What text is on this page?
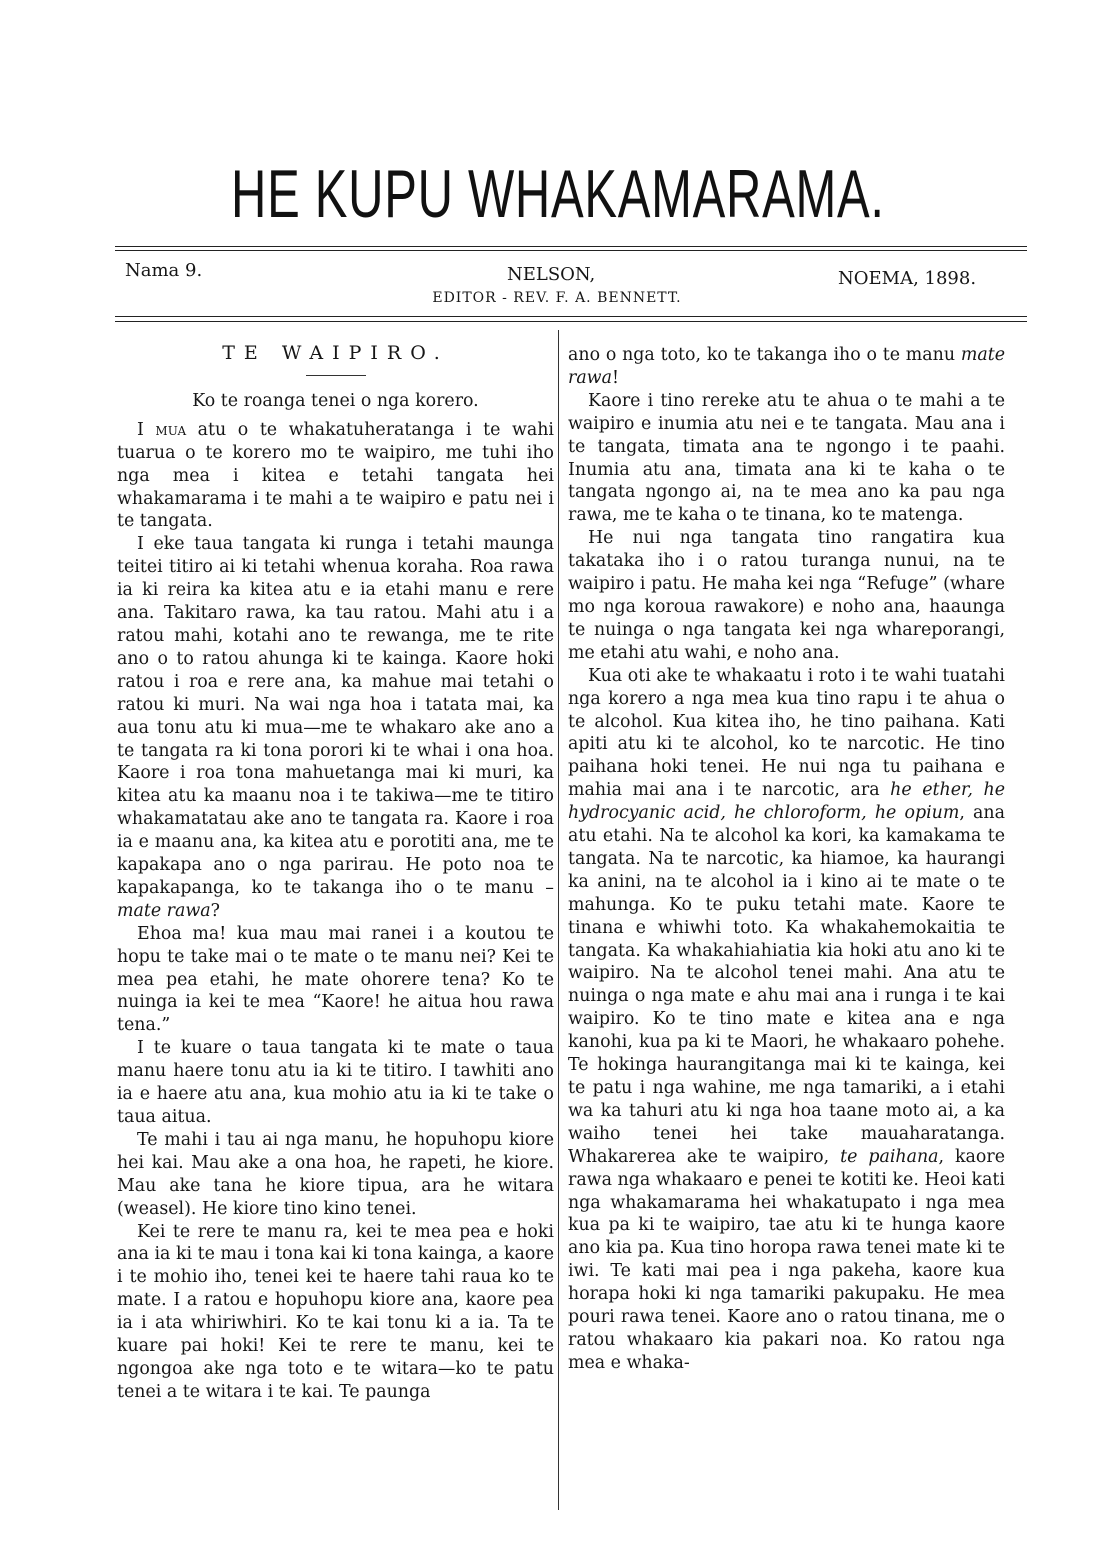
HE KUPU WHAKAMARAMA.
Nama 9.	NELSON,	NOEMA, 1898.
EDITOR - REV. F. A. BENNETT.

TE WAIPIRO.

Ko te roanga tenei o nga korero.

I mua atu o te whakatuheratanga i te wahi tuarua o te korero mo te waipiro, me tuhi iho nga mea i kitea e tetahi tangata hei whakamarama i te mahi a te waipiro e patu nei i te tangata.

I eke taua tangata ki runga i tetahi maunga teitei titiro ai ki tetahi whenua koraha. Roa rawa ia ki reira ka kitea atu e ia etahi manu e rere ana. Takitaro rawa, ka tau ratou. Mahi atu i a ratou mahi, kotahi ano te rewanga, me te rite ano o to ratou ahunga ki te kainga. Kaore hoki ratou i roa e rere ana, ka mahue mai tetahi o ratou ki muri. Na wai nga hoa i tatata mai, ka aua tonu atu ki mua—me te whakaro ake ano a te tangata ra ki tona porori ki te whai i ona hoa. Kaore i roa tona mahuetanga mai ki muri, ka kitea atu ka maanu noa i te takiwa—me te titiro whakamatatau ake ano te tangata ra. Kaore i roa ia e maanu ana, ka kitea atu e porotiti ana, me te kapakapa ano o nga parirau. He poto noa te kapakapanga, ko te takanga iho o te manu – mate rawa?

Ehoa ma! kua mau mai ranei i a koutou te hopu te take mai o te mate o te manu nei? Kei te mea pea etahi, he mate ohorere tena? Ko te nuinga ia kei te mea “Kaore! he aitua hou rawa tena.”

I te kuare o taua tangata ki te mate o taua manu haere tonu atu ia ki te titiro. I tawhiti ano ia e haere atu ana, kua mohio atu ia ki te take o taua aitua.

Te mahi i tau ai nga manu, he hopuhopu kiore hei kai. Mau ake a ona hoa, he rapeti, he kiore. Mau ake tana he kiore tipua, ara he witara (weasel). He kiore tino kino tenei.

Kei te rere te manu ra, kei te mea pea e hoki ana ia ki te mau i tona kai ki tona kainga, a kaore i te mohio iho, tenei kei te haere tahi raua ko te mate. I a ratou e hopuhopu kiore ana, kaore pea ia i ata whiriwhiri. Ko te kai tonu ki a ia. Ta te kuare pai hoki! Kei te rere te manu, kei te ngongoa ake nga toto e te witara—ko te patu tenei a te witara i te kai. Te paunga

ano o nga toto, ko te takanga iho o te manu mate rawa!

Kaore i tino rereke atu te ahua o te mahi a te waipiro e inumia atu nei e te tangata. Mau ana i te tangata, timata ana te ngongo i te paahi. Inumia atu ana, timata ana ki te kaha o te tangata ngongo ai, na te mea ano ka pau nga rawa, me te kaha o te tinana, ko te matenga.

He nui nga tangata tino rangatira kua takataka iho i o ratou turanga nunui, na te waipiro i patu. He maha kei nga “Refuge” (whare mo nga koroua rawakore) e noho ana, haaunga te nuinga o nga tangata kei nga whareporangi, me etahi atu wahi, e noho ana.

Kua oti ake te whakaatu i roto i te wahi tuatahi nga korero a nga mea kua tino rapu i te ahua o te alcohol. Kua kitea iho, he tino paihana. Kati apiti atu ki te alcohol, ko te narcotic. He tino paihana hoki tenei. He nui nga tu paihana e mahia mai ana i te narcotic, ara he ether, he hydrocyanic acid, he chloroform, he opium, ana atu etahi. Na te alcohol ka kori, ka kamakama te tangata. Na te narcotic, ka hiamoe, ka haurangi ka anini, na te alcohol ia i kino ai te mate o te mahunga. Ko te puku tetahi mate. Kaore te tinana e whiwhi toto. Ka whakahemokaitia te tangata. Ka whakahiahiatia kia hoki atu ano ki te waipiro. Na te alcohol tenei mahi. Ana atu te nuinga o nga mate e ahu mai ana i runga i te kai waipiro. Ko te tino mate e kitea ana e nga kanohi, kua pa ki te Maori, he whakaaro pohehe. Te hokinga haurangitanga mai ki te kainga, kei te patu i nga wahine, me nga tamariki, a i etahi wa ka tahuri atu ki nga hoa taane moto ai, a ka waiho tenei hei take mauaharatanga. Whakarerea ake te waipiro, te paihana, kaore rawa nga whakaaro e penei te kotiti ke. Heoi kati nga whakamarama hei whakatupato i nga mea kua pa ki te waipiro, tae atu ki te hunga kaore ano kia pa. Kua tino horopa rawa tenei mate ki te iwi. Te kati mai pea i nga pakeha, kaore kua horapa hoki ki nga tamariki pakupaku. He mea pouri rawa tenei. Kaore ano o ratou tinana, me o ratou whakaaro kia pakari noa. Ko ratou nga mea e whaka-
